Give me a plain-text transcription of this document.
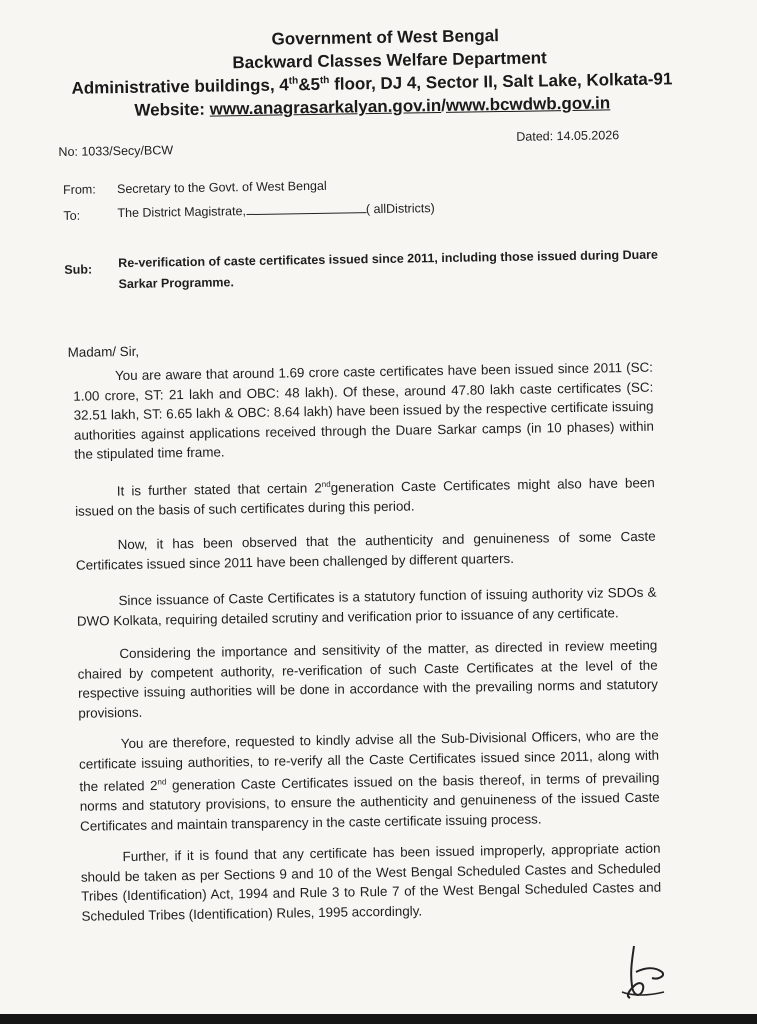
Government of West Bengal
Backward Classes Welfare Department
Administrative buildings, 4th&5th floor, DJ 4, Sector II, Salt Lake, Kolkata-91
Website: www.anagrasarkalyan.gov.in/www.bcwdwb.gov.in
No: 1033/Secy/BCW
Dated: 14.05.2026
From: Secretary to the Govt. of West Bengal
To:	The District Magistrate,	( allDistricts)
Sub: Re-verification of caste certificates issued since 2011, including those issued during Duare
Sarkar Programme.
Madam/ Sir,
You are aware that around 1.69 crore caste certificates have been issued since 2011 (SC: 1.00 crore, ST: 21 lakh and OBC: 48 lakh). Of these, around 47.80 lakh caste certificates (SC: 32.51 lakh, ST: 6.65 lakh & OBC: 8.64 lakh) have been issued by the respective certificate issuing authorities against applications received through the Duare Sarkar camps (in 10 phases) within the stipulated time frame.
It is further stated that certain 2ndgeneration Caste Certificates might also have been issued on the basis of such certificates during this period.
Now, it has been observed that the authenticity and genuineness of some Caste Certificates issued since 2011 have been challenged by different quarters.
Since issuance of Caste Certificates is a statutory function of issuing authority viz SDOs & DWO Kolkata, requiring detailed scrutiny and verification prior to issuance of any certificate.
Considering the importance and sensitivity of the matter, as directed in review meeting chaired by competent authority, re-verification of such Caste Certificates at the level of the respective issuing authorities will be done in accordance with the prevailing norms and statutory provisions.
You are therefore, requested to kindly advise all the Sub-Divisional Officers, who are the certificate issuing authorities, to re-verify all the Caste Certificates issued since 2011, along with the related 2nd generation Caste Certificates issued on the basis thereof, in terms of prevailing norms and statutory provisions, to ensure the authenticity and genuineness of the issued Caste Certificates and maintain transparency in the caste certificate issuing process.
Further, if it is found that any certificate has been issued improperly, appropriate action should be taken as per Sections 9 and 10 of the West Bengal Scheduled Castes and Scheduled Tribes (Identification) Act, 1994 and Rule 3 to Rule 7 of the West Bengal Scheduled Castes and Scheduled Tribes (Identification) Rules, 1995 accordingly.
